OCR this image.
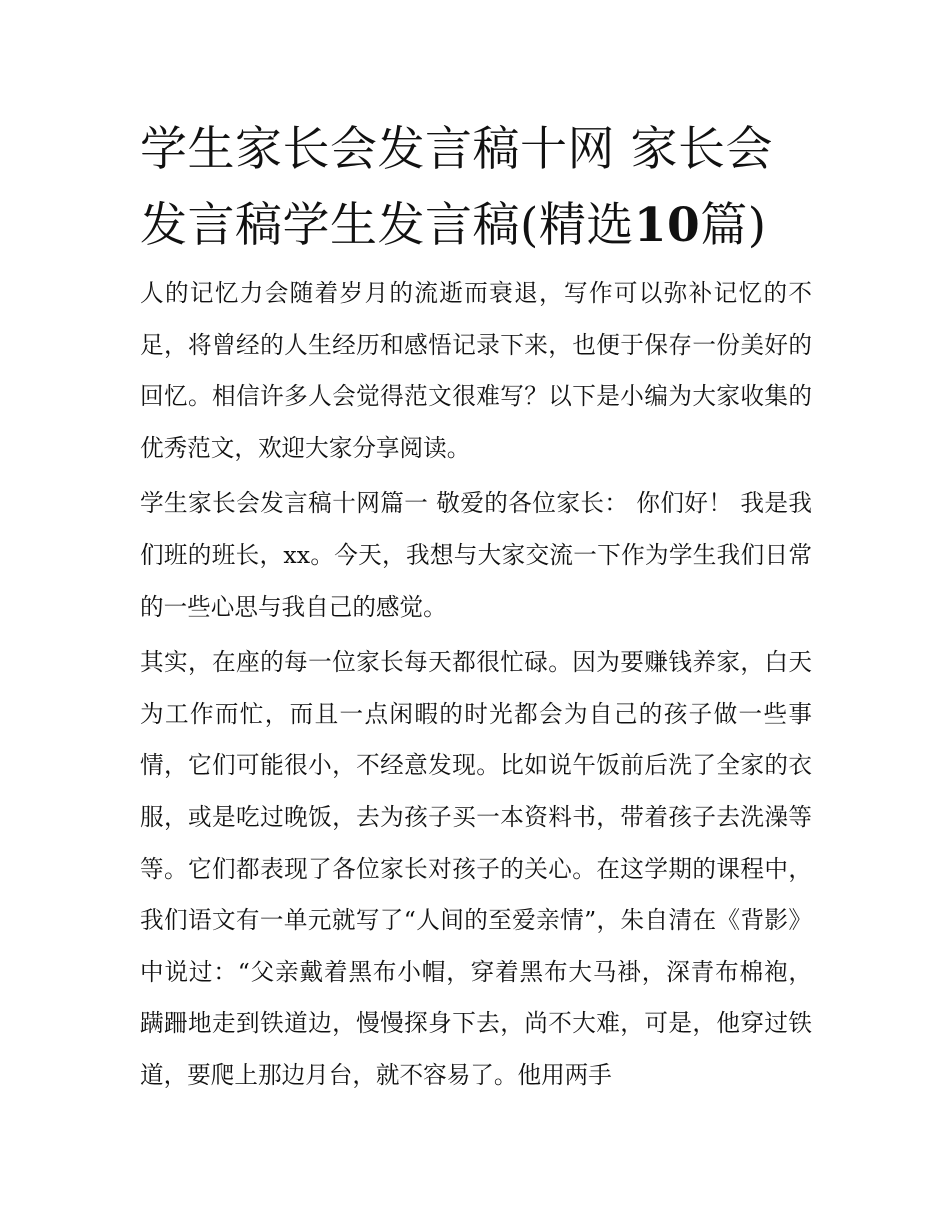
学生家长会发言稿十网 家长会发言稿学生发言稿(精选10篇)

人的记忆力会随着岁月的流逝而衰退，写作可以弥补记忆的不足，将曾经的人生经历和感悟记录下来，也便于保存一份美好的回忆。相信许多人会觉得范文很难写？以下是小编为大家收集的优秀范文，欢迎大家分享阅读。

学生家长会发言稿十网篇一 敬爱的各位家长： 你们好！ 我是我们班的班长，xx。今天，我想与大家交流一下作为学生我们日常的一些心思与我自己的感觉。

其实，在座的每一位家长每天都很忙碌。因为要赚钱养家，白天为工作而忙，而且一点闲暇的时光都会为自己的孩子做一些事情，它们可能很小，不经意发现。比如说午饭前后洗了全家的衣服，或是吃过晚饭，去为孩子买一本资料书，带着孩子去洗澡等等。它们都表现了各位家长对孩子的关心。在这学期的课程中，我们语文有一单元就写了“人间的至爱亲情”，朱自清在《背影》中说过：“父亲戴着黑布小帽，穿着黑布大马褂，深青布棉袍，蹒跚地走到铁道边，慢慢探身下去，尚不大难，可是，他穿过铁道，要爬上那边月台，就不容易了。他用两手
